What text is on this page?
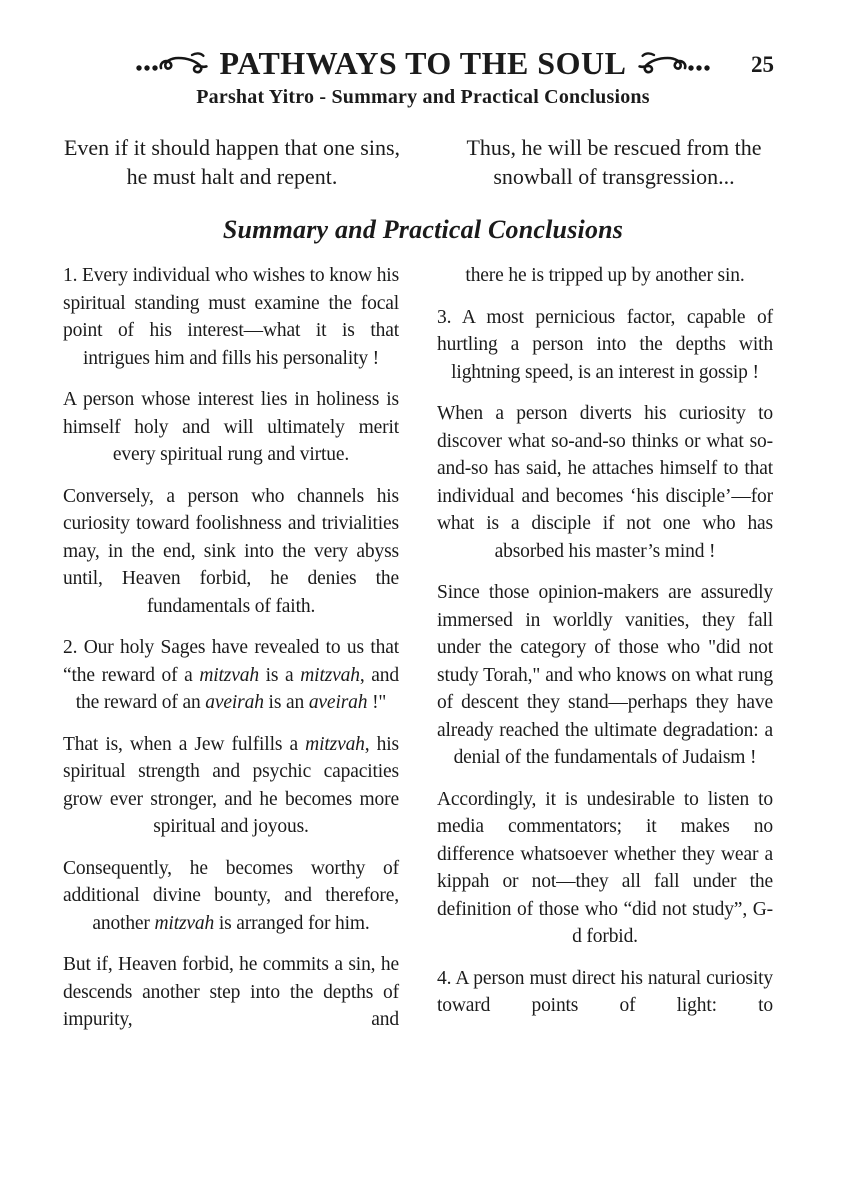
PATHWAYS TO THE SOUL	25
Parshat Yitro - Summary and Practical Conclusions
Even if it should happen that one sins, he must halt and repent.
Thus, he will be rescued from the snowball of transgression...
Summary and Practical Conclusions

1. Every individual who wishes to know his spiritual standing must examine the focal point of his interest—what it is that intrigues him and fills his personality !

A person whose interest lies in holiness is himself holy and will ultimately merit every spiritual rung and virtue.

Conversely, a person who channels his curiosity toward foolishness and trivialities may, in the end, sink into the very abyss until, Heaven forbid, he denies the fundamentals of faith.

2. Our holy Sages have revealed to us that “the reward of a mitzvah is a mitzvah, and the reward of an aveirah is an aveirah !"

That is, when a Jew fulfills a mitzvah, his spiritual strength and psychic capacities grow ever stronger, and he becomes more spiritual and joyous.

Consequently, he becomes worthy of additional divine bounty, and therefore, another mitzvah is arranged for him.

But if, Heaven forbid, he commits a sin, he descends another step into the depths of impurity, and

there he is tripped up by another sin.

3. A most pernicious factor, capable of hurtling a person into the depths with lightning speed, is an interest in gossip !

When a person diverts his curiosity to discover what so-and-so thinks or what so-and-so has said, he attaches himself to that individual and becomes ‘his disciple’—for what is a disciple if not one who has absorbed his master’s mind !

Since those opinion-makers are assuredly immersed in worldly vanities, they fall under the category of those who "did not study Torah," and who knows on what rung of descent they stand—perhaps they have already reached the ultimate degradation: a denial of the fundamentals of Judaism !

Accordingly, it is undesirable to listen to media commentators; it makes no difference whatsoever whether they wear a kippah or not—they all fall under the definition of those who “did not study”, G-d forbid.

4. A person must direct his natural curiosity toward points of light: to
